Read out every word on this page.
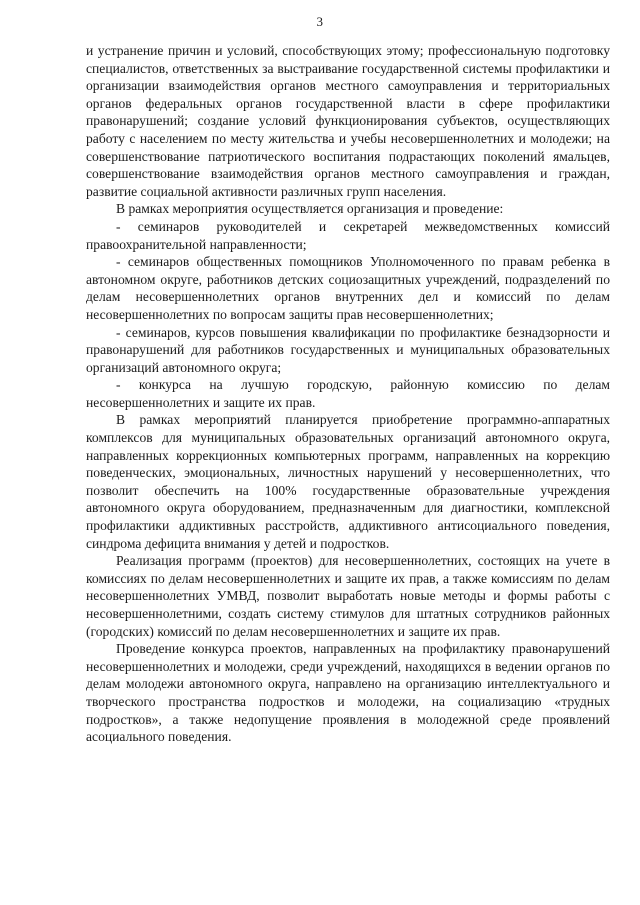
3

и устранение причин и условий, способствующих этому; профессиональную подготовку специалистов, ответственных за выстраивание государственной системы профилактики и организации взаимодействия органов местного самоуправления и территориальных органов федеральных органов государственной власти в сфере профилактики правонарушений; создание условий функционирования субъектов, осуществляющих работу с населением по месту жительства и учебы несовершеннолетних и молодежи; на совершенствование патриотического воспитания подрастающих поколений ямальцев, совершенствование взаимодействия органов местного самоуправления и граждан, развитие социальной активности различных групп населения.

В рамках мероприятия осуществляется организация и проведение:

- семинаров руководителей и секретарей межведомственных комиссий правоохранительной направленности;

- семинаров общественных помощников Уполномоченного по правам ребенка в автономном округе, работников детских социозащитных учреждений, подразделений по делам несовершеннолетних органов внутренних дел и комиссий по делам несовершеннолетних по вопросам защиты прав несовершеннолетних;

- семинаров, курсов повышения квалификации по профилактике безнадзорности и правонарушений для работников государственных и муниципальных образовательных организаций автономного округа;

- конкурса на лучшую городскую, районную комиссию по делам несовершеннолетних и защите их прав.

В рамках мероприятий планируется приобретение программно-аппаратных комплексов для муниципальных образовательных организаций автономного округа, направленных коррекционных компьютерных программ, направленных на коррекцию поведенческих, эмоциональных, личностных нарушений у несовершеннолетних, что позволит обеспечить на 100% государственные образовательные учреждения автономного округа оборудованием, предназначенным для диагностики, комплексной профилактики аддиктивных расстройств, аддиктивного антисоциального поведения, синдрома дефицита внимания у детей и подростков.

Реализация программ (проектов) для несовершеннолетних, состоящих на учете в комиссиях по делам несовершеннолетних и защите их прав, а также комиссиям по делам несовершеннолетних УМВД, позволит выработать новые методы и формы работы с несовершеннолетними, создать систему стимулов для штатных сотрудников районных (городских) комиссий по делам несовершеннолетних и защите их прав.

Проведение конкурса проектов, направленных на профилактику правонарушений несовершеннолетних и молодежи, среди учреждений, находящихся в ведении органов по делам молодежи автономного округа, направлено на организацию интеллектуального и творческого пространства подростков и молодежи, на социализацию «трудных подростков», а также недопущение проявления в молодежной среде проявлений асоциального поведения.
